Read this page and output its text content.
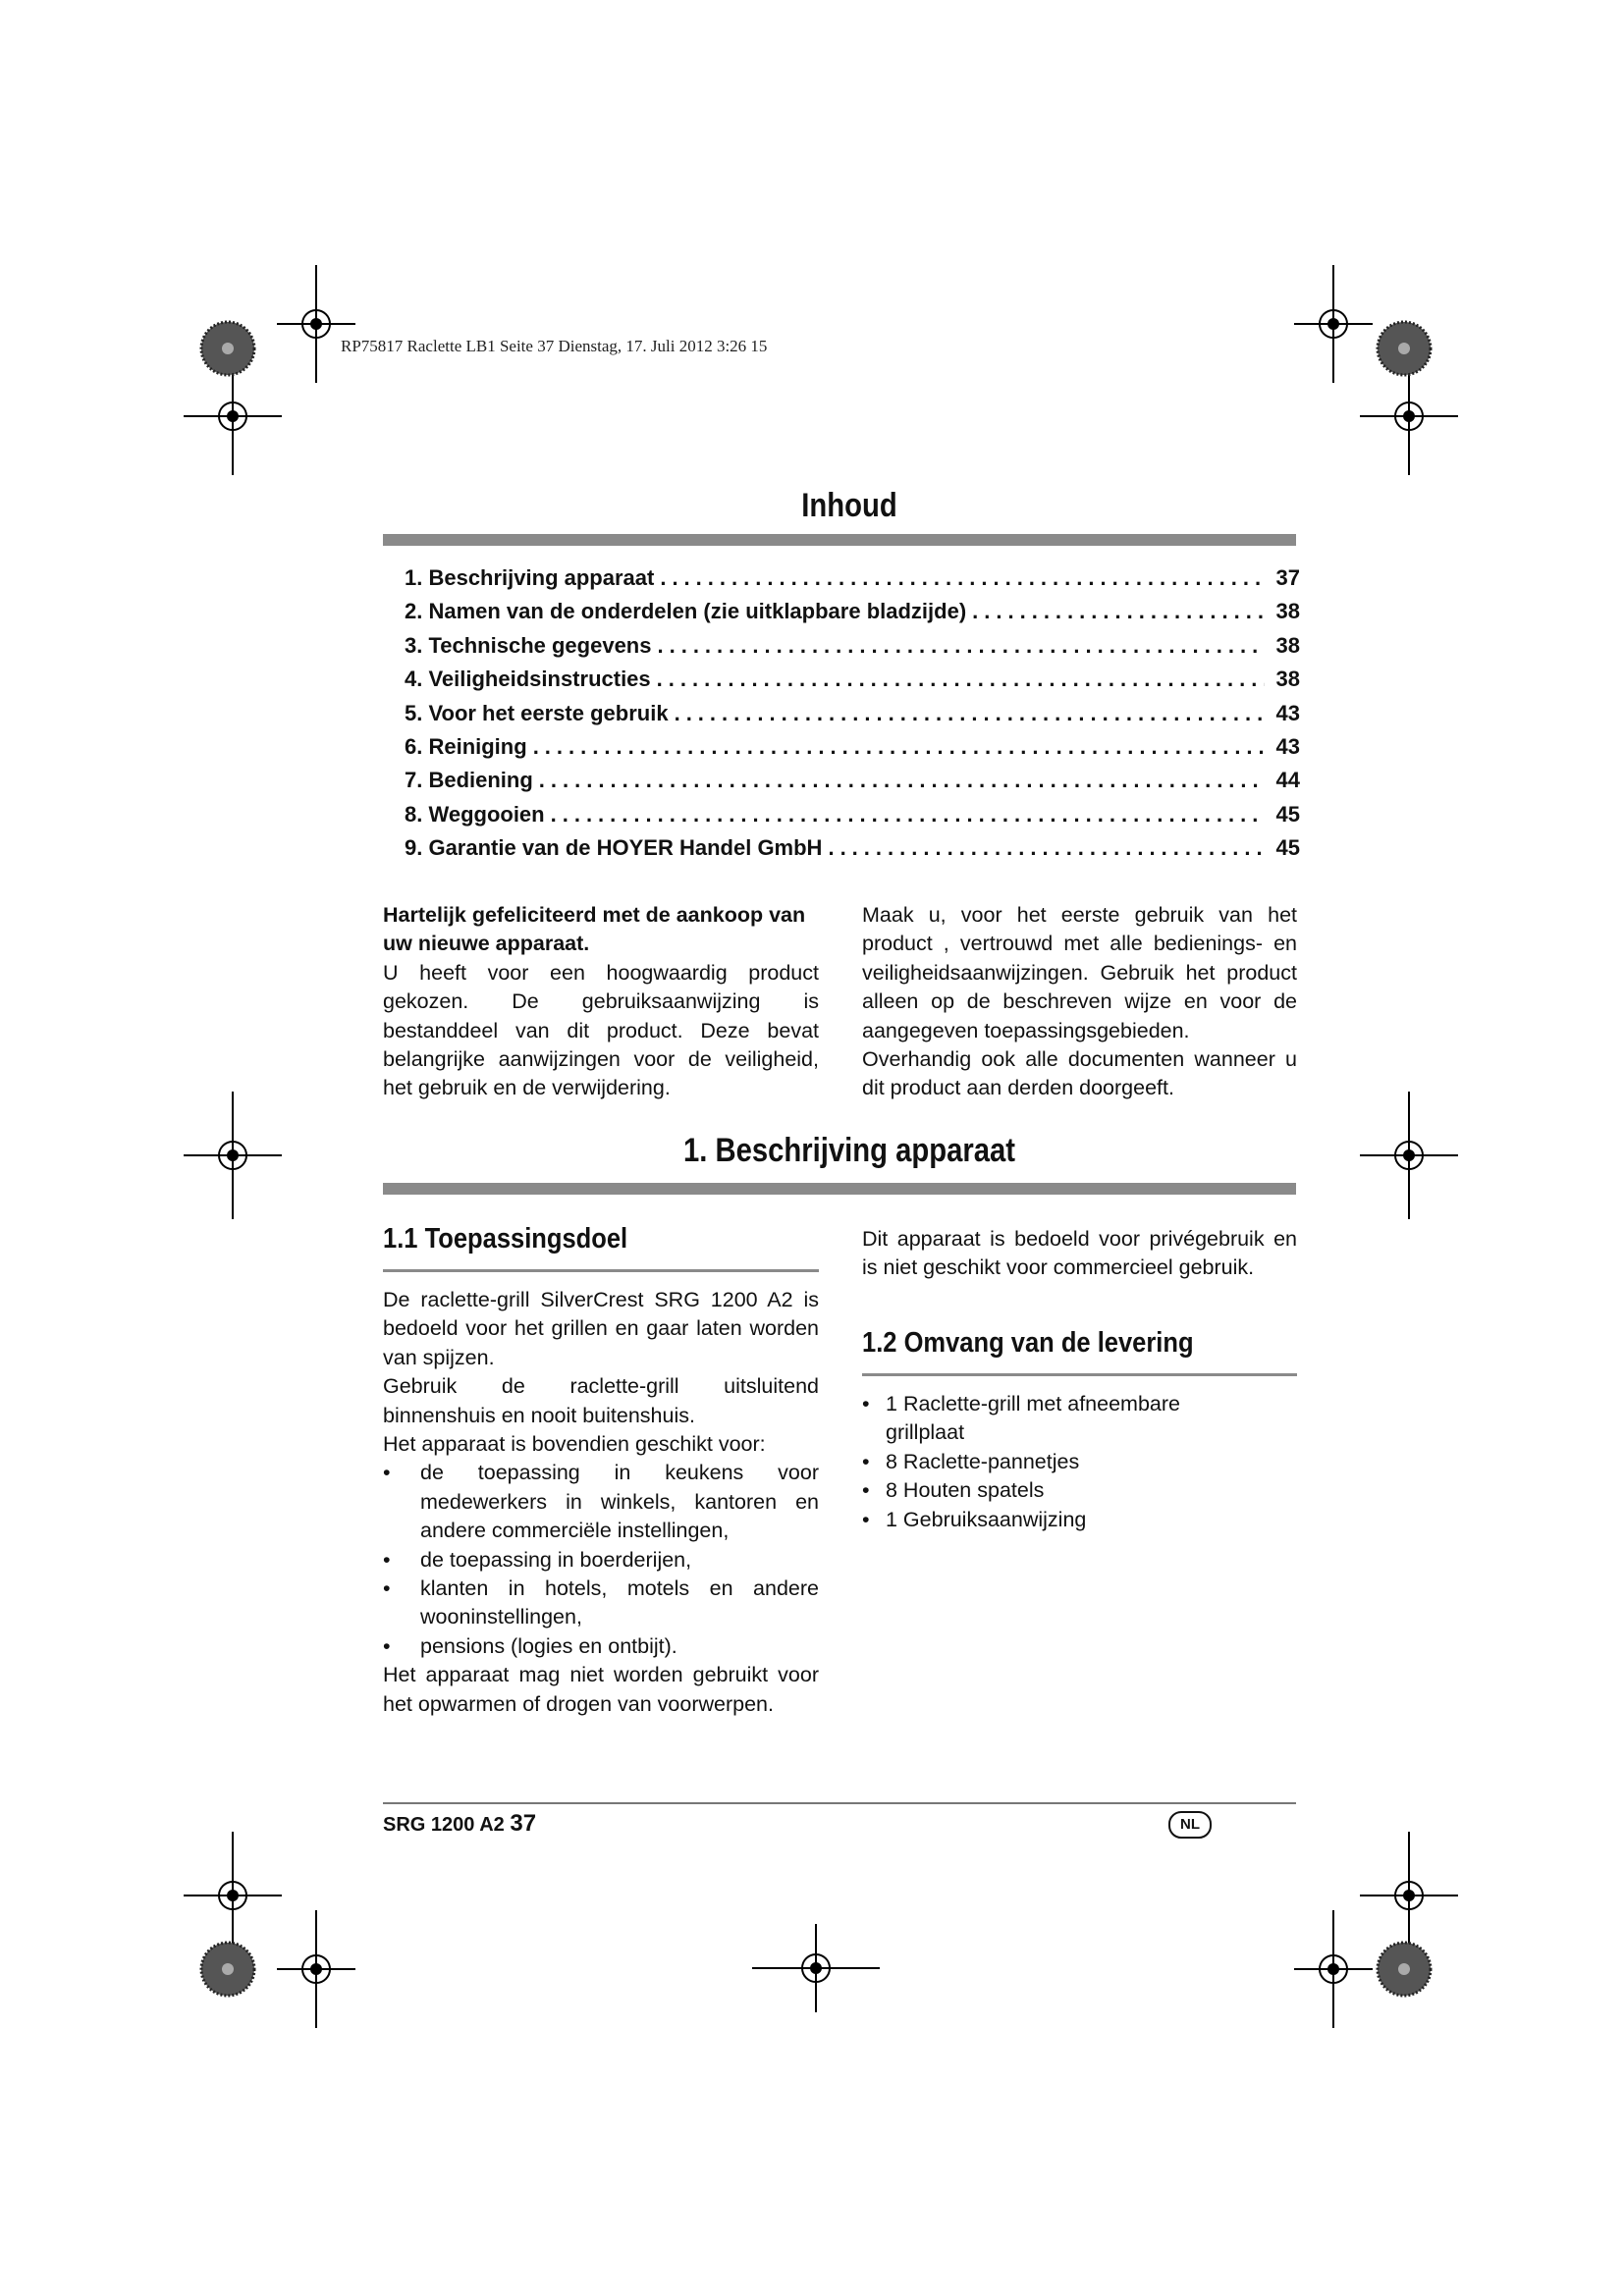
RP75817 Raclette LB1 Seite 37 Dienstag, 17. Juli 2012 3:26 15
Inhoud
1. Beschrijving apparaat .....	37
2. Namen van de onderdelen (zie uitklapbare bladzijde) .....	38
3. Technische gegevens .....	38
4. Veiligheidsinstructies .....	38
5. Voor het eerste gebruik .....	43
6. Reiniging .....	43
7. Bediening .....	44
8. Weggooien .....	45
9. Garantie van de HOYER Handel GmbH .....	45

Hartelijk gefeliciteerd met de aankoop van uw nieuwe apparaat.

U heeft voor een hoogwaardig product gekozen. De gebruiksaanwijzing is bestanddeel van dit product. Deze bevat belangrijke aanwijzingen voor de veiligheid, het gebruik en de verwijdering.

Maak u, voor het eerste gebruik van het product , vertrouwd met alle bedienings- en veiligheidsaanwijzingen. Gebruik het product alleen op de beschreven wijze en voor de aangegeven toepassingsgebieden.

Overhandig ook alle documenten wanneer u dit product aan derden doorgeeft.

1. Beschrijving apparaat
1.1 Toepassingsdoel

De raclette-grill SilverCrest SRG 1200 A2 is bedoeld voor het grillen en gaar laten worden van spijzen.

Gebruik de raclette-grill uitsluitend binnenshuis en nooit buitenshuis.

Het apparaat is bovendien geschikt voor:

• de toepassing in keukens voor medewerkers in winkels, kantoren en andere commerciële instellingen,
• de toepassing in boerderijen,
• klanten in hotels, motels en andere wooninstellingen,
• pensions (logies en ontbijt).

Het apparaat mag niet worden gebruikt voor het opwarmen of drogen van voorwerpen.

Dit apparaat is bedoeld voor privégebruik en is niet geschikt voor commercieel gebruik.

1.2 Omvang van de levering
• 1 Raclette-grill met afneembare grillplaat
• 8 Raclette-pannetjes
• 8 Houten spatels
• 1 Gebruiksaanwijzing
SRG 1200 A2 37	NL
